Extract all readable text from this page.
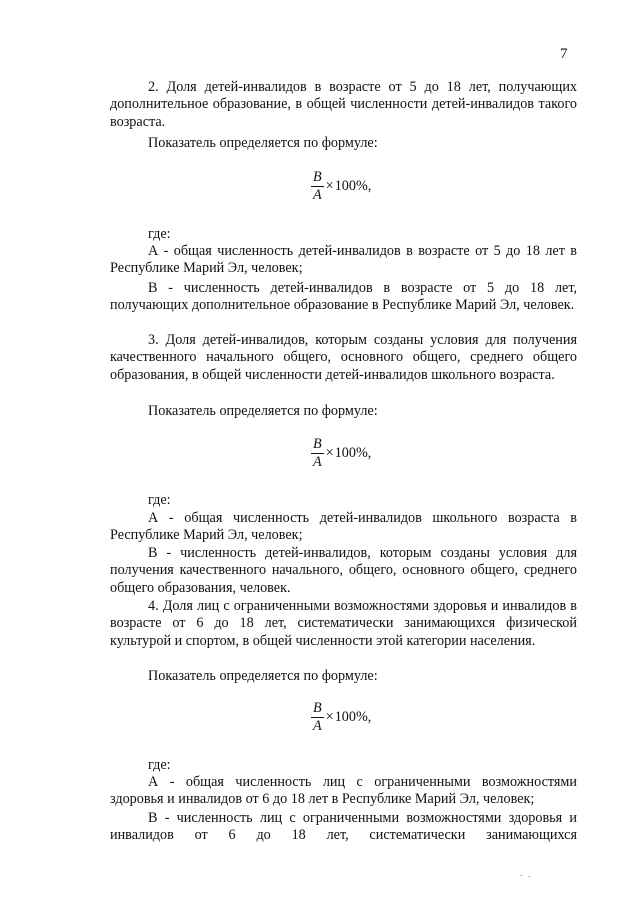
7

2. Доля детей-инвалидов в возрасте от 5 до 18 лет, получающих дополнительное образование, в общей численности детей-инвалидов такого возраста.

Показатель определяется по формуле:

$\frac{B}{A} \times 100\%$,

где:

А - общая численность детей-инвалидов в возрасте от 5 до 18 лет в Республике Марий Эл, человек;

В - численность детей-инвалидов в возрасте от 5 до 18 лет, получающих дополнительное образование в Республике Марий Эл, человек.

3. Доля детей-инвалидов, которым созданы условия для получения качественного начального общего, основного общего, среднего общего образования, в общей численности детей-инвалидов школьного возраста.

Показатель определяется по формуле:

$\frac{B}{A} \times 100\%$,

где:

А - общая численность детей-инвалидов школьного возраста в Республике Марий Эл, человек;

В - численность детей-инвалидов, которым созданы условия для получения качественного начального, общего, основного общего, среднего общего образования, человек.

4. Доля лиц с ограниченными возможностями здоровья и инвалидов в возрасте от 6 до 18 лет, систематически занимающихся физической культурой и спортом, в общей численности этой категории населения.

Показатель определяется по формуле:

$\frac{B}{A} \times 100\%$,

где:

А - общая численность лиц с ограниченными возможностями здоровья и инвалидов от 6 до 18 лет в Республике Марий Эл, человек;

В - численность лиц с ограниченными возможностями здоровья и инвалидов от 6 до 18 лет, систематически занимающихся
